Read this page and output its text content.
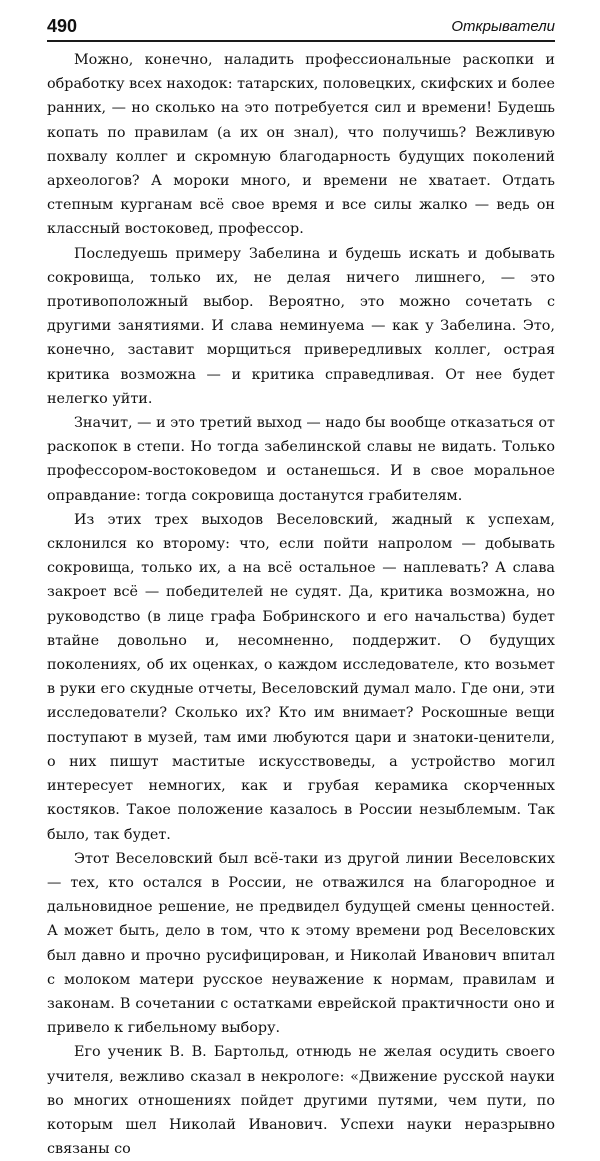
490	Открыватели

Можно, конечно, наладить профессиональные раскопки и обработку всех находок: татарских, половецких, скифских и более ранних, — но сколько на это потребуется сил и времени! Будешь копать по правилам (а их он знал), что получишь? Вежливую похвалу коллег и скромную благодарность будущих поколений археологов? А мороки много, и времени не хватает. Отдать степным курганам всё свое время и все силы жалко — ведь он классный востоковед, профессор.

Последуешь примеру Забелина и будешь искать и добывать сокровища, только их, не делая ничего лишнего, — это противоположный выбор. Вероятно, это можно сочетать с другими занятиями. И слава неминуема — как у Забелина. Это, конечно, заставит морщиться привередливых коллег, острая критика возможна — и критика справедливая. От нее будет нелегко уйти.

Значит, — и это третий выход — надо бы вообще отказаться от раскопок в степи. Но тогда забелинской славы не видать. Только профессором-востоковедом и останешься. И в свое моральное оправдание: тогда сокровища достанутся грабителям.

Из этих трех выходов Веселовский, жадный к успехам, склонился ко второму: что, если пойти напролом — добывать сокровища, только их, а на всё остальное — наплевать? А слава закроет всё — победителей не судят. Да, критика возможна, но руководство (в лице графа Бобринского и его начальства) будет втайне довольно и, несомненно, поддержит. О будущих поколениях, об их оценках, о каждом исследователе, кто возьмет в руки его скудные отчеты, Веселовский думал мало. Где они, эти исследователи? Сколько их? Кто им внимает? Роскошные вещи поступают в музей, там ими любуются цари и знатоки-ценители, о них пишут маститые искусствоведы, а устройство могил интересует немногих, как и грубая керамика скорченных костяков. Такое положение казалось в России незыблемым. Так было, так будет.

Этот Веселовский был всё-таки из другой линии Веселовских — тех, кто остался в России, не отважился на благородное и дальновидное решение, не предвидел будущей смены ценностей. А может быть, дело в том, что к этому времени род Веселовских был давно и прочно русифицирован, и Николай Иванович впитал с молоком матери русское неуважение к нормам, правилам и законам. В сочетании с остатками еврейской практичности оно и привело к гибельному выбору.

Его ученик В. В. Бартольд, отнюдь не желая осудить своего учителя, вежливо сказал в некрологе: «Движение русской науки во многих отношениях пойдет другими путями, чем пути, по которым шел Николай Иванович. Успехи науки неразрывно связаны со
